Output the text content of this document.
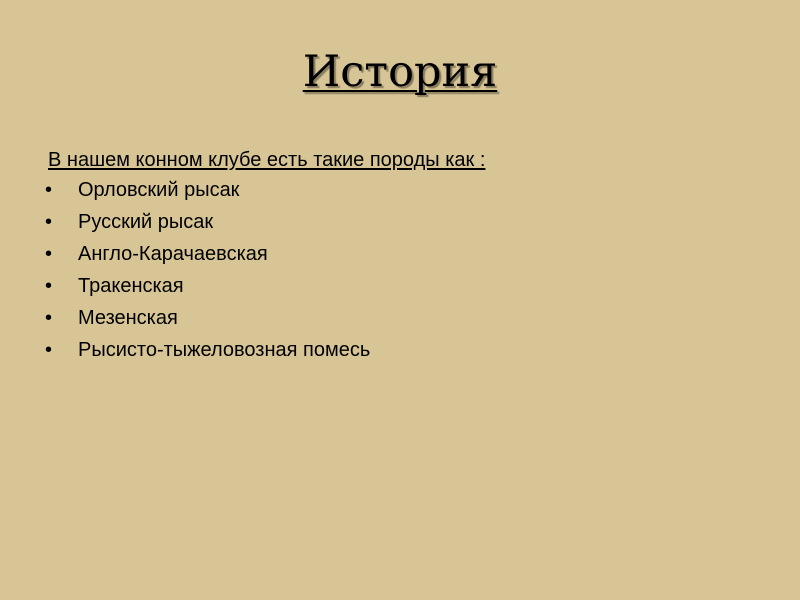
История
В нашем конном клубе есть такие породы как :
• Орловский рысак
• Русский рысак
• Англо-Карачаевская
• Тракенская
• Мезенская
• Рысисто-тыжеловозная помесь
